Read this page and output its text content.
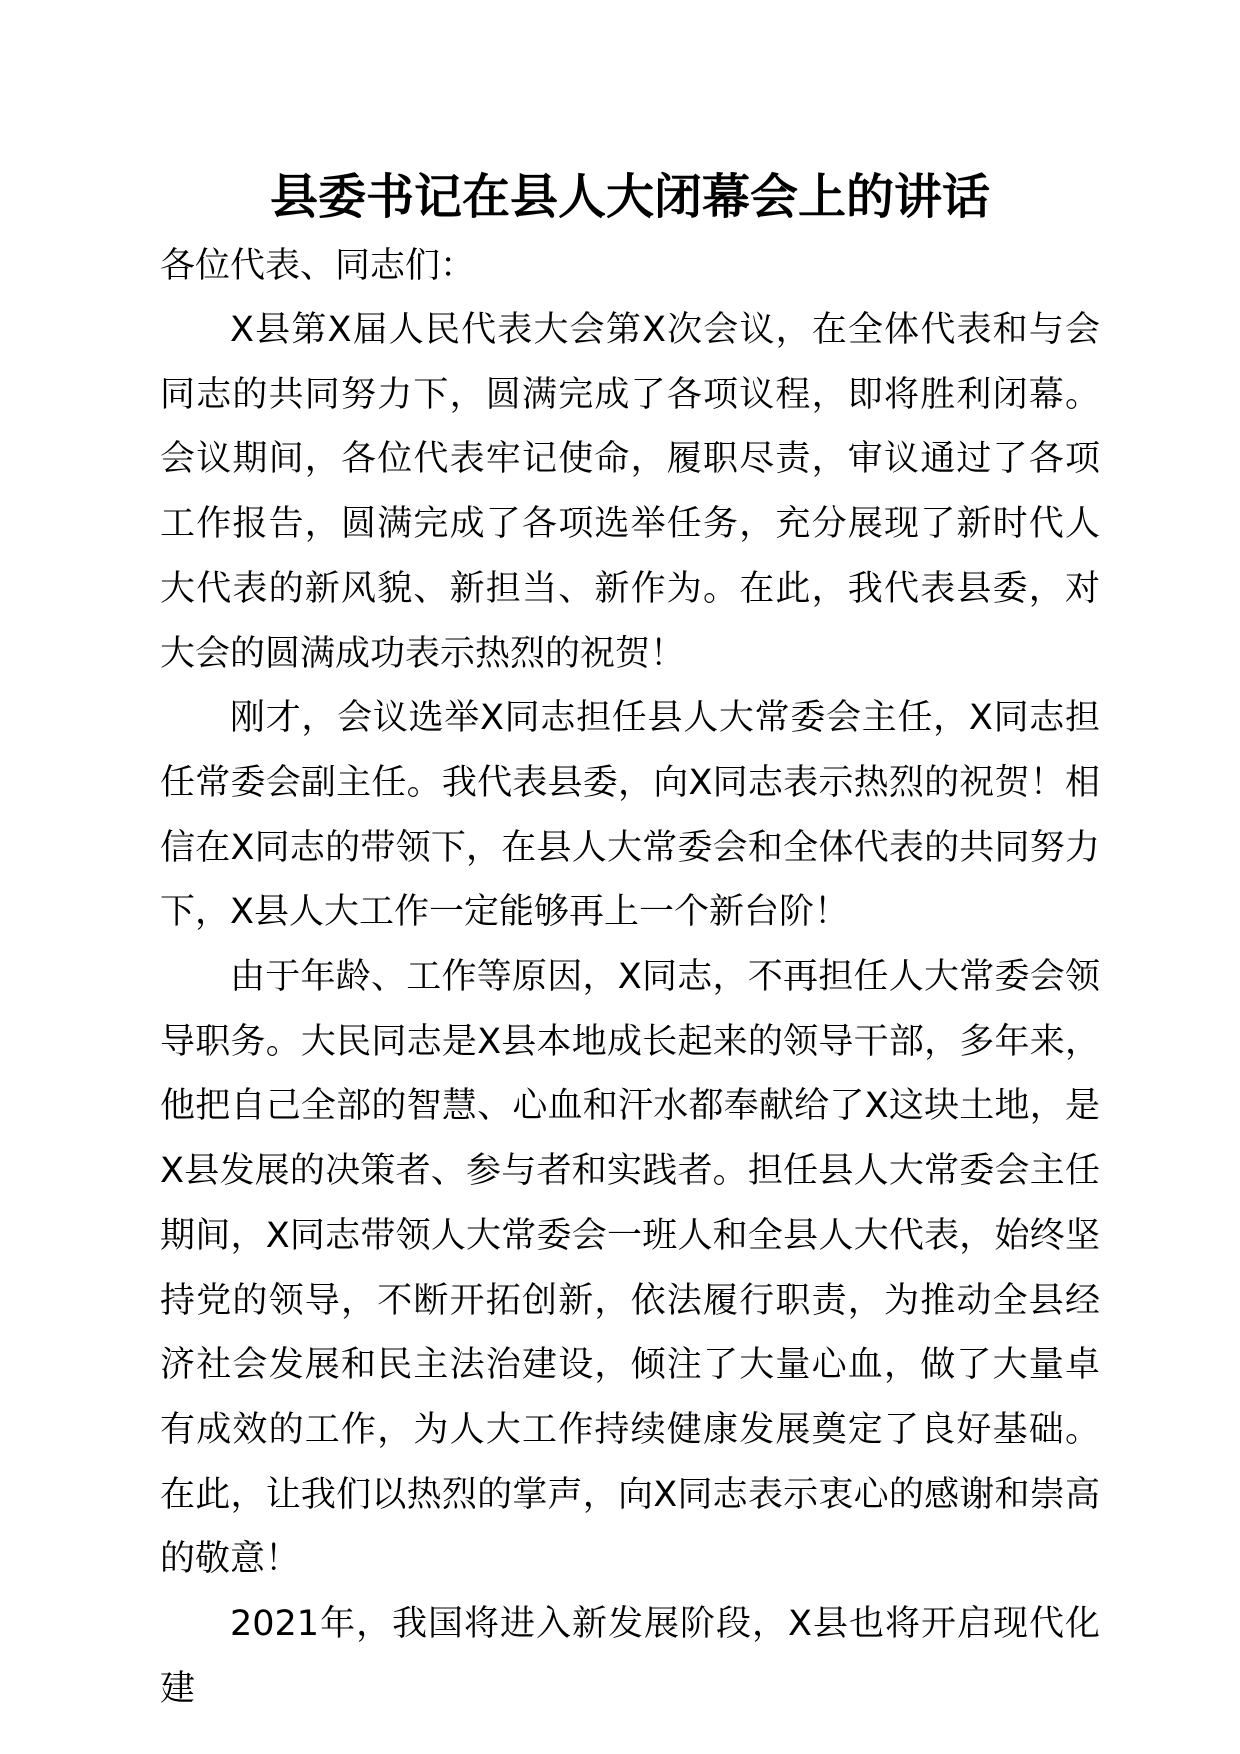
县委书记在县人大闭幕会上的讲话

各位代表、同志们：

X县第X届人民代表大会第X次会议，在全体代表和与会同志的共同努力下，圆满完成了各项议程，即将胜利闭幕。会议期间，各位代表牢记使命，履职尽责，审议通过了各项工作报告，圆满完成了各项选举任务，充分展现了新时代人大代表的新风貌、新担当、新作为。在此，我代表县委，对大会的圆满成功表示热烈的祝贺！

刚才，会议选举X同志担任县人大常委会主任，X同志担任常委会副主任。我代表县委，向X同志表示热烈的祝贺！相信在X同志的带领下，在县人大常委会和全体代表的共同努力下，X县人大工作一定能够再上一个新台阶！

由于年龄、工作等原因，X同志，不再担任人大常委会领导职务。大民同志是X县本地成长起来的领导干部，多年来，他把自己全部的智慧、心血和汗水都奉献给了X这块土地，是X县发展的决策者、参与者和实践者。担任县人大常委会主任期间，X同志带领人大常委会一班人和全县人大代表，始终坚持党的领导，不断开拓创新，依法履行职责，为推动全县经济社会发展和民主法治建设，倾注了大量心血，做了大量卓有成效的工作，为人大工作持续健康发展奠定了良好基础。在此，让我们以热烈的掌声，向X同志表示衷心的感谢和崇高的敬意！

2021年，我国将进入新发展阶段，X县也将开启现代化建
